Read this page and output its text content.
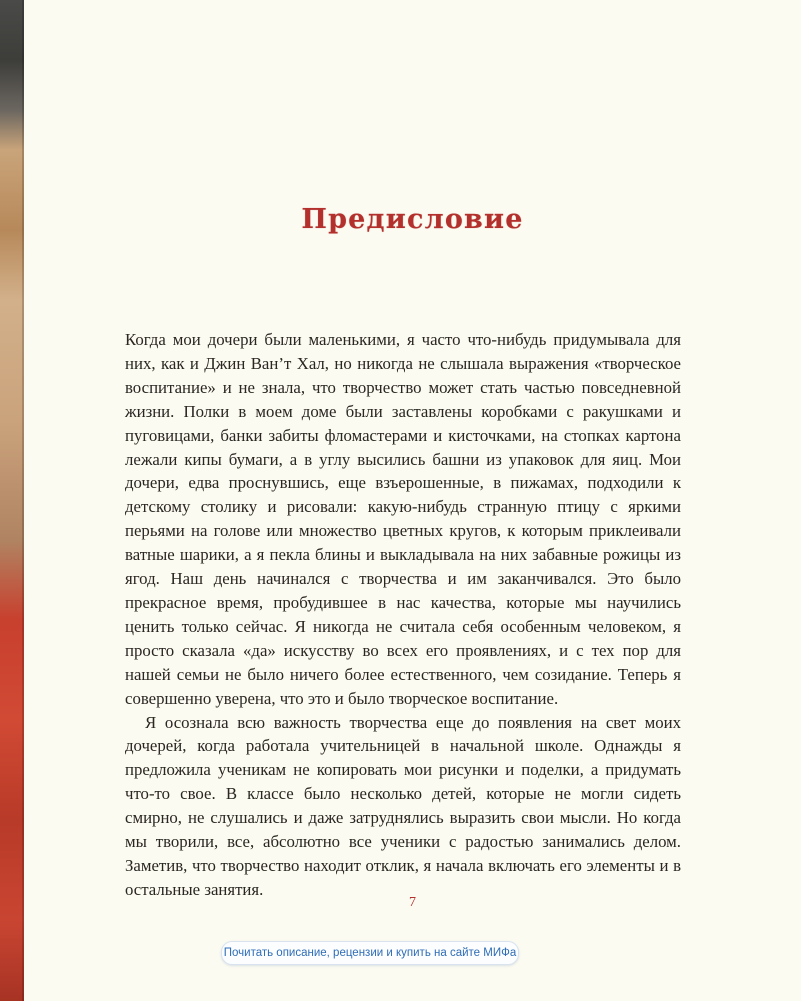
Предисловие

Когда мои дочери были маленькими, я часто что-нибудь придумывала для них, как и Джин Ван’т Хал, но никогда не слышала выражения «творческое воспитание» и не знала, что творчество может стать частью повседневной жизни. Полки в моем доме были заставлены коробками с ракушками и пуговицами, банки забиты фломастерами и кисточками, на стопках картона лежали кипы бумаги, а в углу высились башни из упаковок для яиц. Мои дочери, едва проснувшись, еще взъерошенные, в пижамах, подходили к детскому столику и рисовали: какую-нибудь странную птицу с яркими перьями на голове или множество цветных кругов, к которым приклеивали ватные шарики, а я пекла блины и выкладывала на них забавные рожицы из ягод. Наш день начинался с творчества и им заканчивался. Это было прекрасное время, пробудившее в нас качества, которые мы научились ценить только сейчас. Я никогда не считала себя особенным человеком, я просто сказала «да» искусству во всех его проявлениях, и с тех пор для нашей семьи не было ничего более естественного, чем созидание. Теперь я совершенно уверена, что это и было творческое воспитание.

Я осознала всю важность творчества еще до появления на свет моих дочерей, когда работала учительницей в начальной школе. Однажды я предложила ученикам не копировать мои рисунки и поделки, а придумать что-то свое. В классе было несколько детей, которые не могли сидеть смирно, не слушались и даже затруднялись выразить свои мысли. Но когда мы творили, все, абсолютно все ученики с радостью занимались делом. Заметив, что творчество находит отклик, я начала включать его элементы и в остальные занятия.

7
Почитать описание, рецензии и купить на сайте МИФа
